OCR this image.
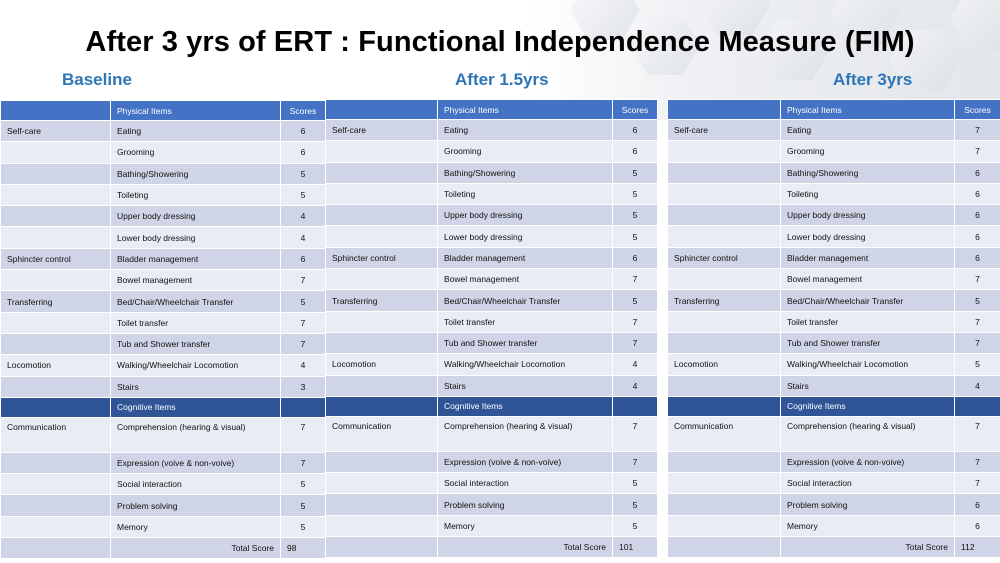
After 3 yrs of ERT : Functional Independence Measure (FIM)
Baseline	After 1.5yrs	After 3yrs
	Physical Items	Scores
Self-care	Eating	6
	Grooming	6
	Bathing/Showering	5
	Toileting	5
	Upper body dressing	4
	Lower body dressing	4
Sphincter control	Bladder management	6
	Bowel management	7
Transferring	Bed/Chair/Wheelchair Transfer	5
	Toilet transfer	7
	Tub and Shower transfer	7
Locomotion	Walking/Wheelchair Locomotion	4
	Stairs	3
	Cognitive Items	
Communication	Comprehension (hearing & visual)	7
	Expression (voive & non-voive)	7
	Social interaction	5
	Problem solving	5
	Memory	5
	Total Score	98
	Physical Items	Scores
Self-care	Eating	6
	Grooming	6
	Bathing/Showering	5
	Toileting	5
	Upper body dressing	5
	Lower body dressing	5
Sphincter control	Bladder management	6
	Bowel management	7
Transferring	Bed/Chair/Wheelchair Transfer	5
	Toilet transfer	7
	Tub and Shower transfer	7
Locomotion	Walking/Wheelchair Locomotion	4
	Stairs	4
	Cognitive Items	
Communication	Comprehension (hearing & visual)	7
	Expression (voive & non-voive)	7
	Social interaction	5
	Problem solving	5
	Memory	5
	Total Score	101
	Physical Items	Scores
Self-care	Eating	7
	Grooming	7
	Bathing/Showering	6
	Toileting	6
	Upper body dressing	6
	Lower body dressing	6
Sphincter control	Bladder management	6
	Bowel management	7
Transferring	Bed/Chair/Wheelchair Transfer	5
	Toilet transfer	7
	Tub and Shower transfer	7
Locomotion	Walking/Wheelchair Locomotion	5
	Stairs	4
	Cognitive Items	
Communication	Comprehension (hearing & visual)	7
	Expression (voive & non-voive)	7
	Social interaction	7
	Problem solving	6
	Memory	6
	Total Score	112
